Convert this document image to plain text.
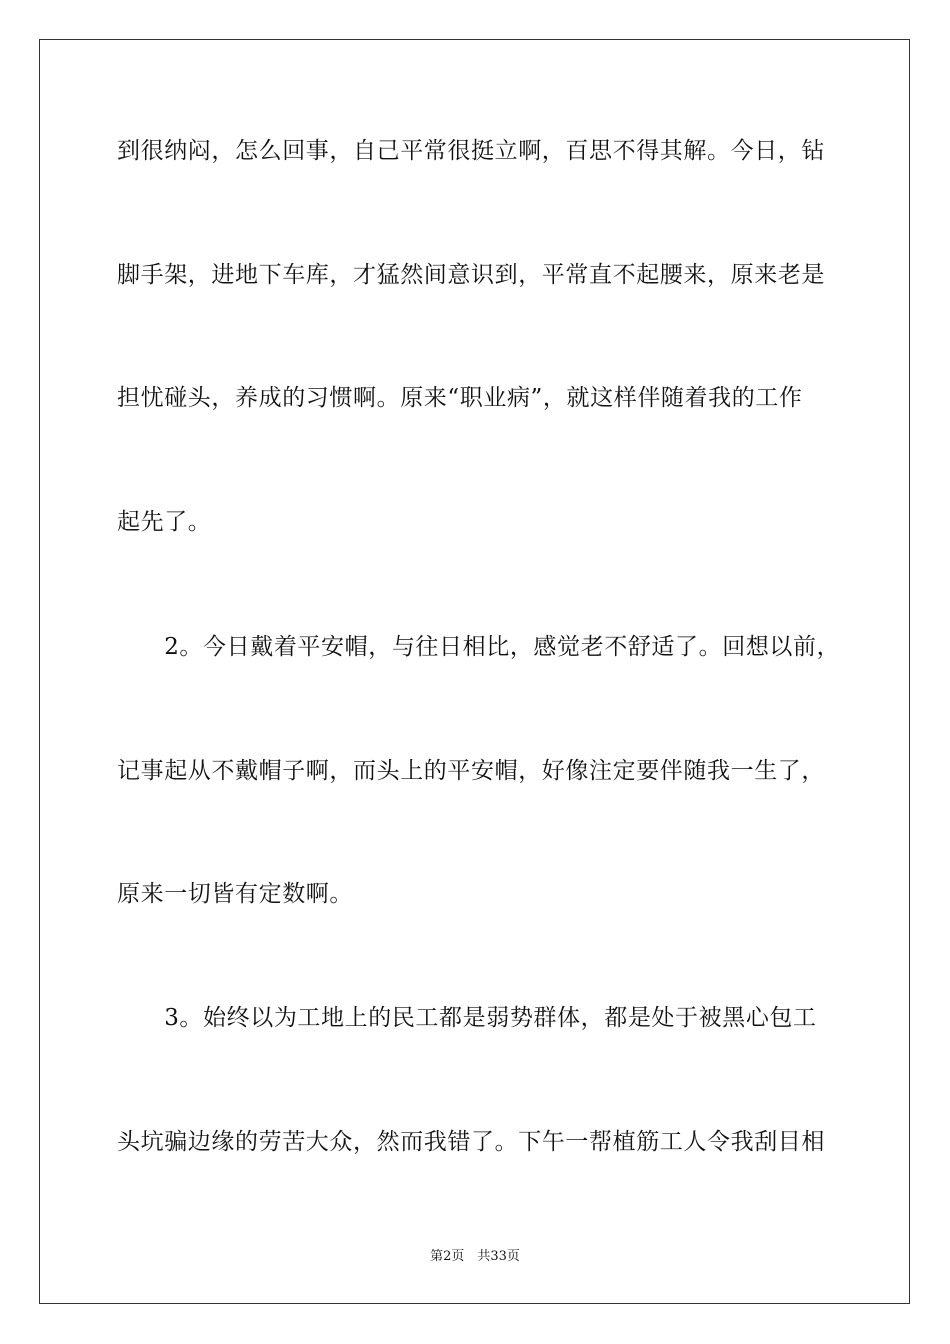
到很纳闷，怎么回事，自己平常很挺立啊，百思不得其解。今日，钻
脚手架，进地下车库，才猛然间意识到，平常直不起腰来，原来老是
担忧碰头，养成的习惯啊。原来“职业病”，就这样伴随着我的工作
起先了。
　　2。今日戴着平安帽，与往日相比，感觉老不舒适了。回想以前，
记事起从不戴帽子啊，而头上的平安帽，好像注定要伴随我一生了，
原来一切皆有定数啊。
　　3。始终以为工地上的民工都是弱势群体，都是处于被黑心包工
头坑骗边缘的劳苦大众，然而我错了。下午一帮植筋工人令我刮目相
第2页　共33页
